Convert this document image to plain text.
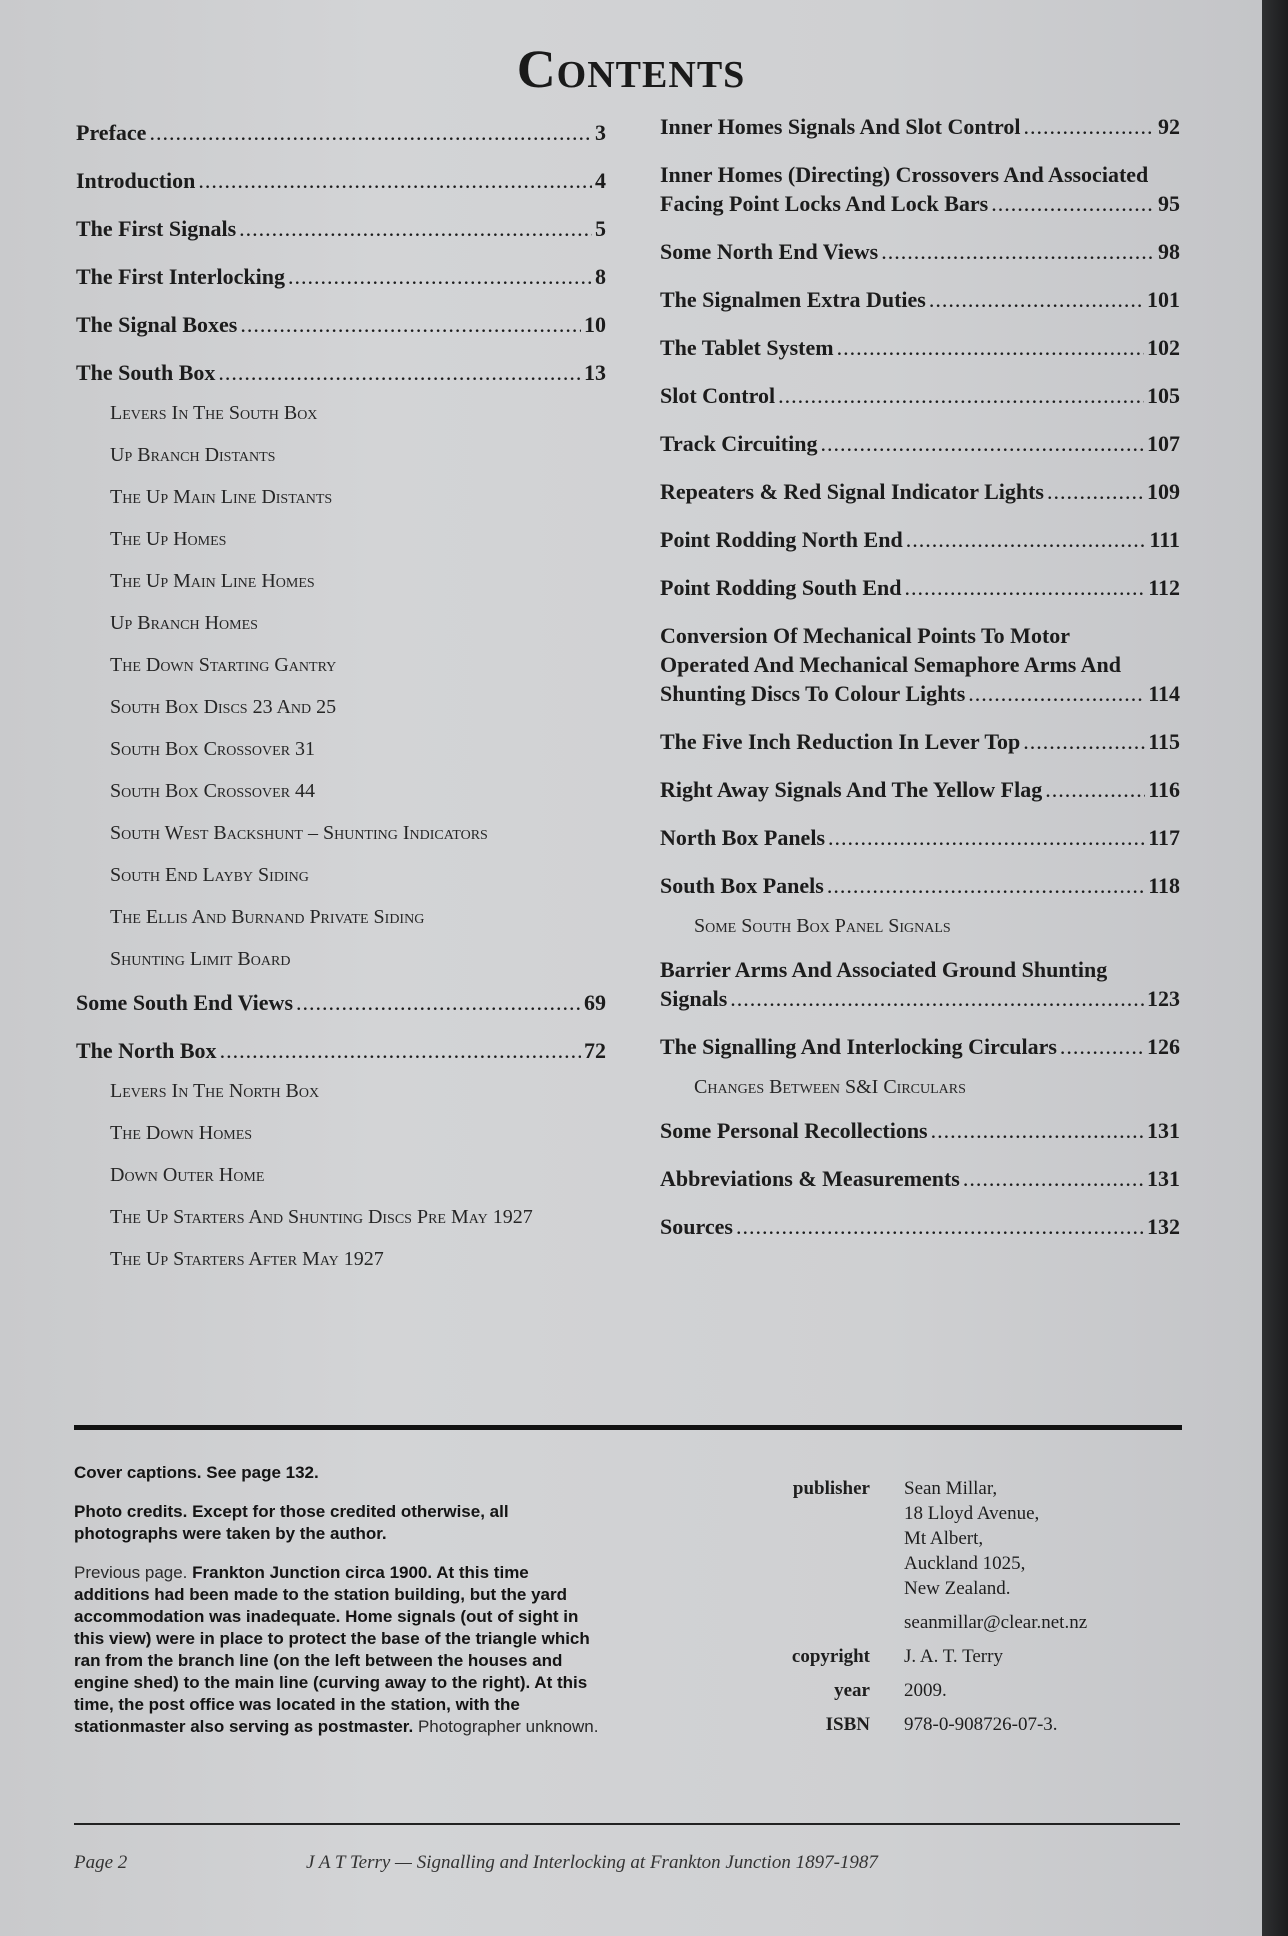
Contents
Preface .....	3
Introduction .....	4
The First Signals .....	5
The First Interlocking .....	8
The Signal Boxes .....	10
The South Box .....	13
Levers In The South Box
Up Branch Distants
The Up Main Line Distants
The Up Homes
The Up Main Line Homes
Up Branch Homes
The Down Starting Gantry
South Box Discs 23 And 25
South Box Crossover 31
South Box Crossover 44
South West Backshunt – Shunting Indicators
South End Layby Siding
The Ellis And Burnand Private Siding
Shunting Limit Board
Some South End Views .....	69
The North Box .....	72
Levers In The North Box
The Down Homes
Down Outer Home
The Up Starters And Shunting Discs Pre May 1927
The Up Starters After May 1927
Inner Homes Signals And Slot Control .....	92
Inner Homes (Directing) Crossovers And Associated
Facing Point Locks And Lock Bars .....	95
Some North End Views .....	98
The Signalmen Extra Duties .....	101
The Tablet System .....	102
Slot Control .....	105
Track Circuiting .....	107
Repeaters & Red Signal Indicator Lights .....	109
Point Rodding North End .....	111
Point Rodding South End .....	112
Conversion Of Mechanical Points To Motor
Operated And Mechanical Semaphore Arms And
Shunting Discs To Colour Lights .....	114
The Five Inch Reduction In Lever Top .....	115
Right Away Signals And The Yellow Flag .....	116
North Box Panels .....	117
South Box Panels .....	118
Some South Box Panel Signals
Barrier Arms And Associated Ground Shunting
Signals .....	123
The Signalling And Interlocking Circulars .....	126
Changes Between S&I Circulars
Some Personal Recollections .....	131
Abbreviations & Measurements .....	131
Sources .....	132

Cover captions. See page 132.

Photo credits. Except for those credited otherwise, all photographs were taken by the author.

Previous page. Frankton Junction circa 1900. At this time additions had been made to the station building, but the yard accommodation was inadequate. Home signals (out of sight in this view) were in place to protect the base of the triangle which ran from the branch line (on the left between the houses and engine shed) to the main line (curving away to the right). At this time, the post office was located in the station, with the stationmaster also serving as postmaster. Photographer unknown.

publisher	Sean Millar,
18 Lloyd Avenue,
Mt Albert,
Auckland 1025,
New Zealand.
seanmillar@clear.net.nz
copyright	J. A. T. Terry
year	2009.
ISBN	978-0-908726-07-3.
Page 2	J A T Terry — Signalling and Interlocking at Frankton Junction 1897-1987
